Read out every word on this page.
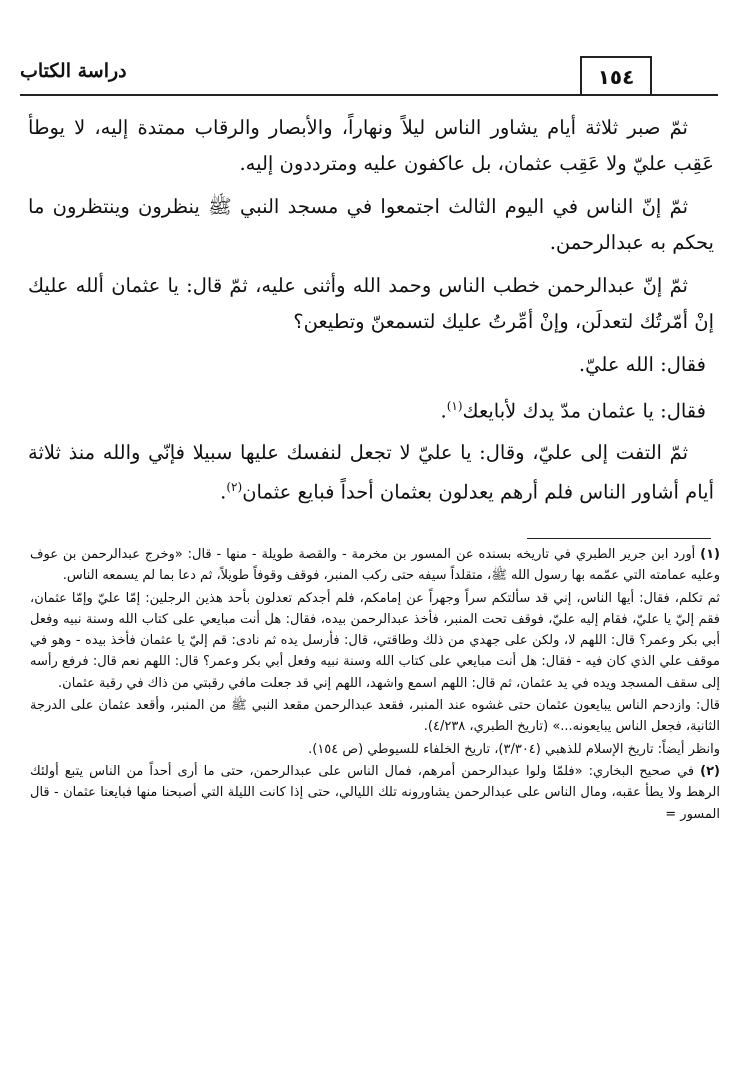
دراسة الكتاب	١٥٤

ثمّ صبر ثلاثة أيام يشاور الناس ليلاً ونهاراً، والأبصار والرقاب ممتدة إليه، لا يوطأ عَقِب عليّ ولا عَقِب عثمان، بل عاكفون عليه ومترددون إليه.

ثمّ إنّ الناس في اليوم الثالث اجتمعوا في مسجد النبي ﷺ ينظرون وينتظرون ما يحكم به عبدالرحمن.

ثمّ إنّ عبدالرحمن خطب الناس وحمد الله وأثنى عليه، ثمّ قال: يا عثمان ألله عليك إنْ أمّرتُك لتعدلَن، وإنْ أمِّرتُ عليك لتسمعنّ وتطيعن؟

فقال: الله عليّ.

فقال: يا عثمان مدّ يدك لأبايعك$^{(١)}$.

ثمّ التفت إلى عليّ، وقال: يا عليّ لا تجعل لنفسك عليها سبيلا فإنّي والله منذ ثلاثة أيام أشاور الناس فلم أرهم يعدلون بعثمان أحداً فبايع عثمان$^{(٢)}$.

(١) أورد ابن جرير الطبري في تاريخه بسنده عن المسور بن مخرمة - والقصة طويلة - منها - قال: «وخرج عبدالرحمن بن عوف وعليه عمامته التي عمّمه بها رسول الله ﷺ، متقلداً سيفه حتى ركب المنبر، فوقف وقوفاً طويلاً، ثم دعا بما لم يسمعه الناس.

ثم تكلم، فقال: أيها الناس، إني قد سألتكم سراً وجهراً عن إمامكم، فلم أجدكم تعدلون بأحد هذين الرجلين: إمّا عليّ وإمّا عثمان، فقم إليّ يا عليّ، فقام إليه عليّ، فوقف تحت المنبر، فأخذ عبدالرحمن بيده، فقال: هل أنت مبايعي على كتاب الله وسنة نبيه وفعل أبي بكر وعمر؟ قال: اللهم لا، ولكن على جهدي من ذلك وطاقتي، قال: فأرسل يده ثم نادى: قم إليّ يا عثمان فأخذ بيده - وهو في موقف علي الذي كان فيه - فقال: هل أنت مبايعي على كتاب الله وسنة نبيه وفعل أبي بكر وعمر؟ قال: اللهم نعم قال: فرفع رأسه إلى سقف المسجد ويده في يد عثمان، ثم قال: اللهم اسمع واشهد، اللهم إني قد جعلت مافي رقبتي من ذاك في رقبة عثمان.

قال: وازدحم الناس يبايعون عثمان حتى غشوه عند المنبر، فقعد عبدالرحمن مقعد النبي ﷺ من المنبر، وأقعد عثمان على الدرجة الثانية، فجعل الناس يبايعونه...» (تاريخ الطبري، ٤/٢٣٨).

وانظر أيضاً: تاريخ الإسلام للذهبي (٣/٣٠٤)، تاريخ الخلفاء للسيوطي (ص ١٥٤).

(٢) في صحيح البخاري: «فلمّا ولوا عبدالرحمن أمرهم، فمال الناس على عبدالرحمن، حتى ما أرى أحداً من الناس يتبع أولئك الرهط ولا يطأ عقبه، ومال الناس على عبدالرحمن يشاورونه تلك الليالي، حتى إذا كانت الليلة التي أصبحنا منها فبايعنا عثمان - قال المسور =
